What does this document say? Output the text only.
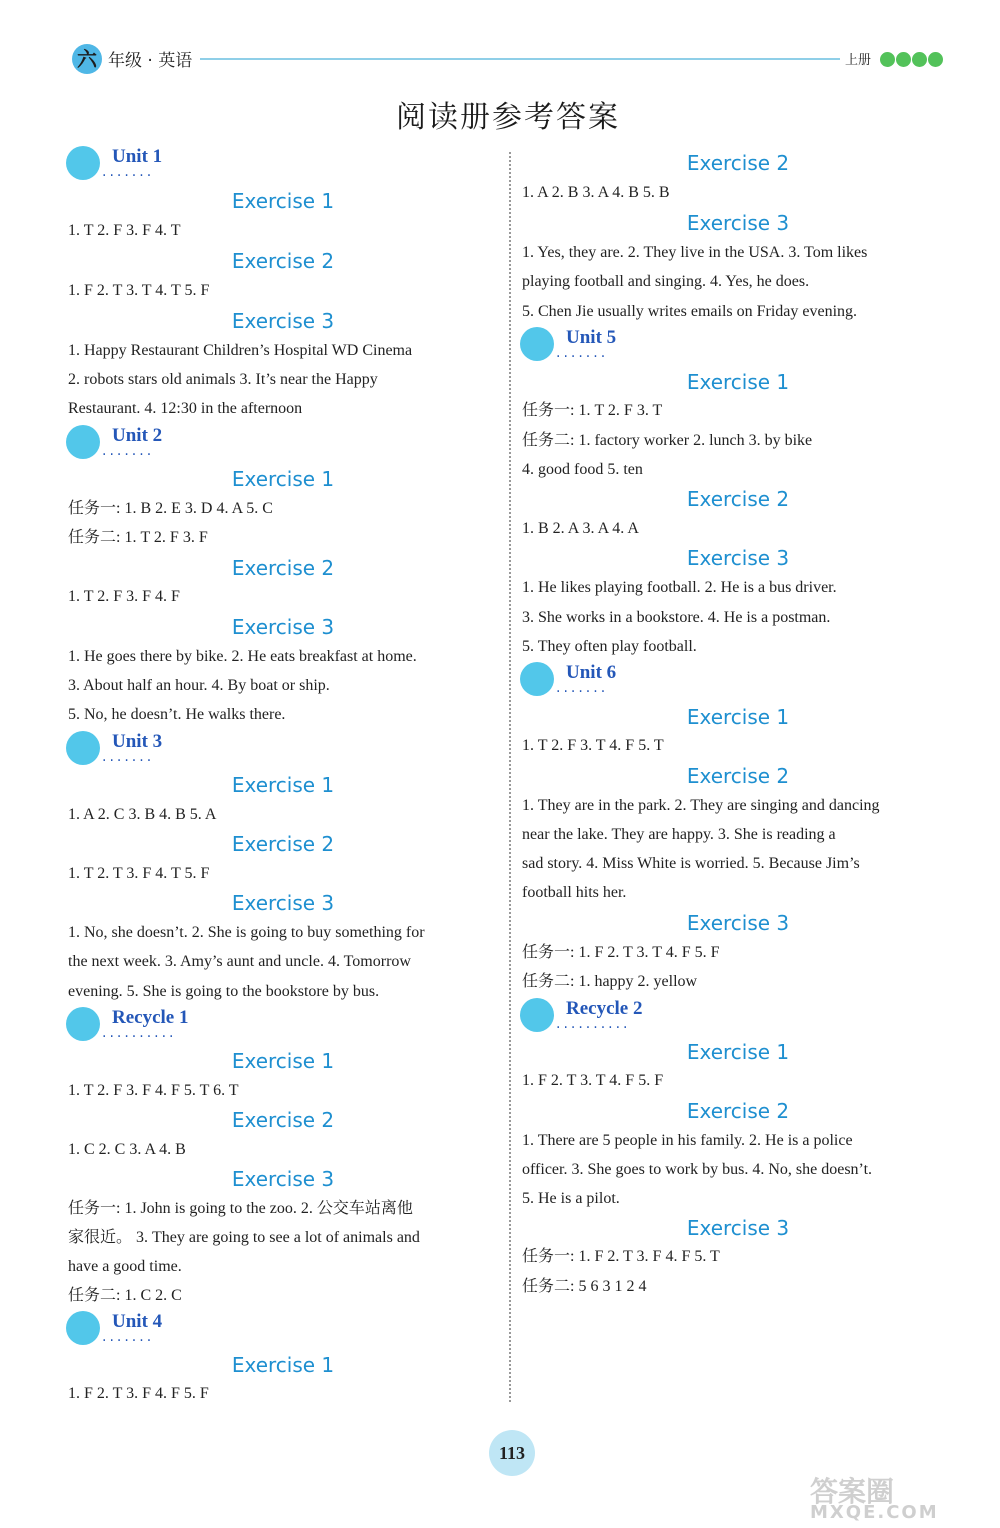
六 年级 · 英语	上册
阅读册参考答案
Unit 1
·······
Exercise 1
1. T 2. F 3. F 4. T
Exercise 2
1. F 2. T 3. T 4. T 5. F
Exercise 3
1. Happy Restaurant Children’s Hospital WD Cinema
2. robots stars old animals 3. It’s near the Happy
Restaurant. 4. 12:30 in the afternoon
Unit 2
·······
Exercise 1
任务一: 1. B 2. E 3. D 4. A 5. C
任务二: 1. T 2. F 3. F
Exercise 2
1. T 2. F 3. F 4. F
Exercise 3
1. He goes there by bike. 2. He eats breakfast at home.
3. About half an hour. 4. By boat or ship.
5. No, he doesn’t. He walks there.
Unit 3
·······
Exercise 1
1. A 2. C 3. B 4. B 5. A
Exercise 2
1. T 2. T 3. F 4. T 5. F
Exercise 3
1. No, she doesn’t. 2. She is going to buy something for
the next week. 3. Amy’s aunt and uncle. 4. Tomorrow
evening. 5. She is going to the bookstore by bus.
Recycle 1
··········
Exercise 1
1. T 2. F 3. F 4. F 5. T 6. T
Exercise 2
1. C 2. C 3. A 4. B
Exercise 3
任务一: 1. John is going to the zoo. 2. 公交车站离他
家很近。 3. They are going to see a lot of animals and
have a good time.
任务二: 1. C 2. C
Unit 4
·······
Exercise 1
1. F 2. T 3. F 4. F 5. F
Exercise 2
1. A 2. B 3. A 4. B 5. B
Exercise 3
1. Yes, they are. 2. They live in the USA. 3. Tom likes
playing football and singing. 4. Yes, he does.
5. Chen Jie usually writes emails on Friday evening.
Unit 5
·······
Exercise 1
任务一: 1. T 2. F 3. T
任务二: 1. factory worker 2. lunch 3. by bike
4. good food 5. ten
Exercise 2
1. B 2. A 3. A 4. A
Exercise 3
1. He likes playing football. 2. He is a bus driver.
3. She works in a bookstore. 4. He is a postman.
5. They often play football.
Unit 6
·······
Exercise 1
1. T 2. F 3. T 4. F 5. T
Exercise 2
1. They are in the park. 2. They are singing and dancing
near the lake. They are happy. 3. She is reading a
sad story. 4. Miss White is worried. 5. Because Jim’s
football hits her.
Exercise 3
任务一: 1. F 2. T 3. T 4. F 5. F
任务二: 1. happy 2. yellow
Recycle 2
··········
Exercise 1
1. F 2. T 3. T 4. F 5. F
Exercise 2
1. There are 5 people in his family. 2. He is a police
officer. 3. She goes to work by bus. 4. No, she doesn’t.
5. He is a pilot.
Exercise 3
任务一: 1. F 2. T 3. F 4. F 5. T
任务二: 5 6 3 1 2 4
113
答案圈
MXQE.COM
